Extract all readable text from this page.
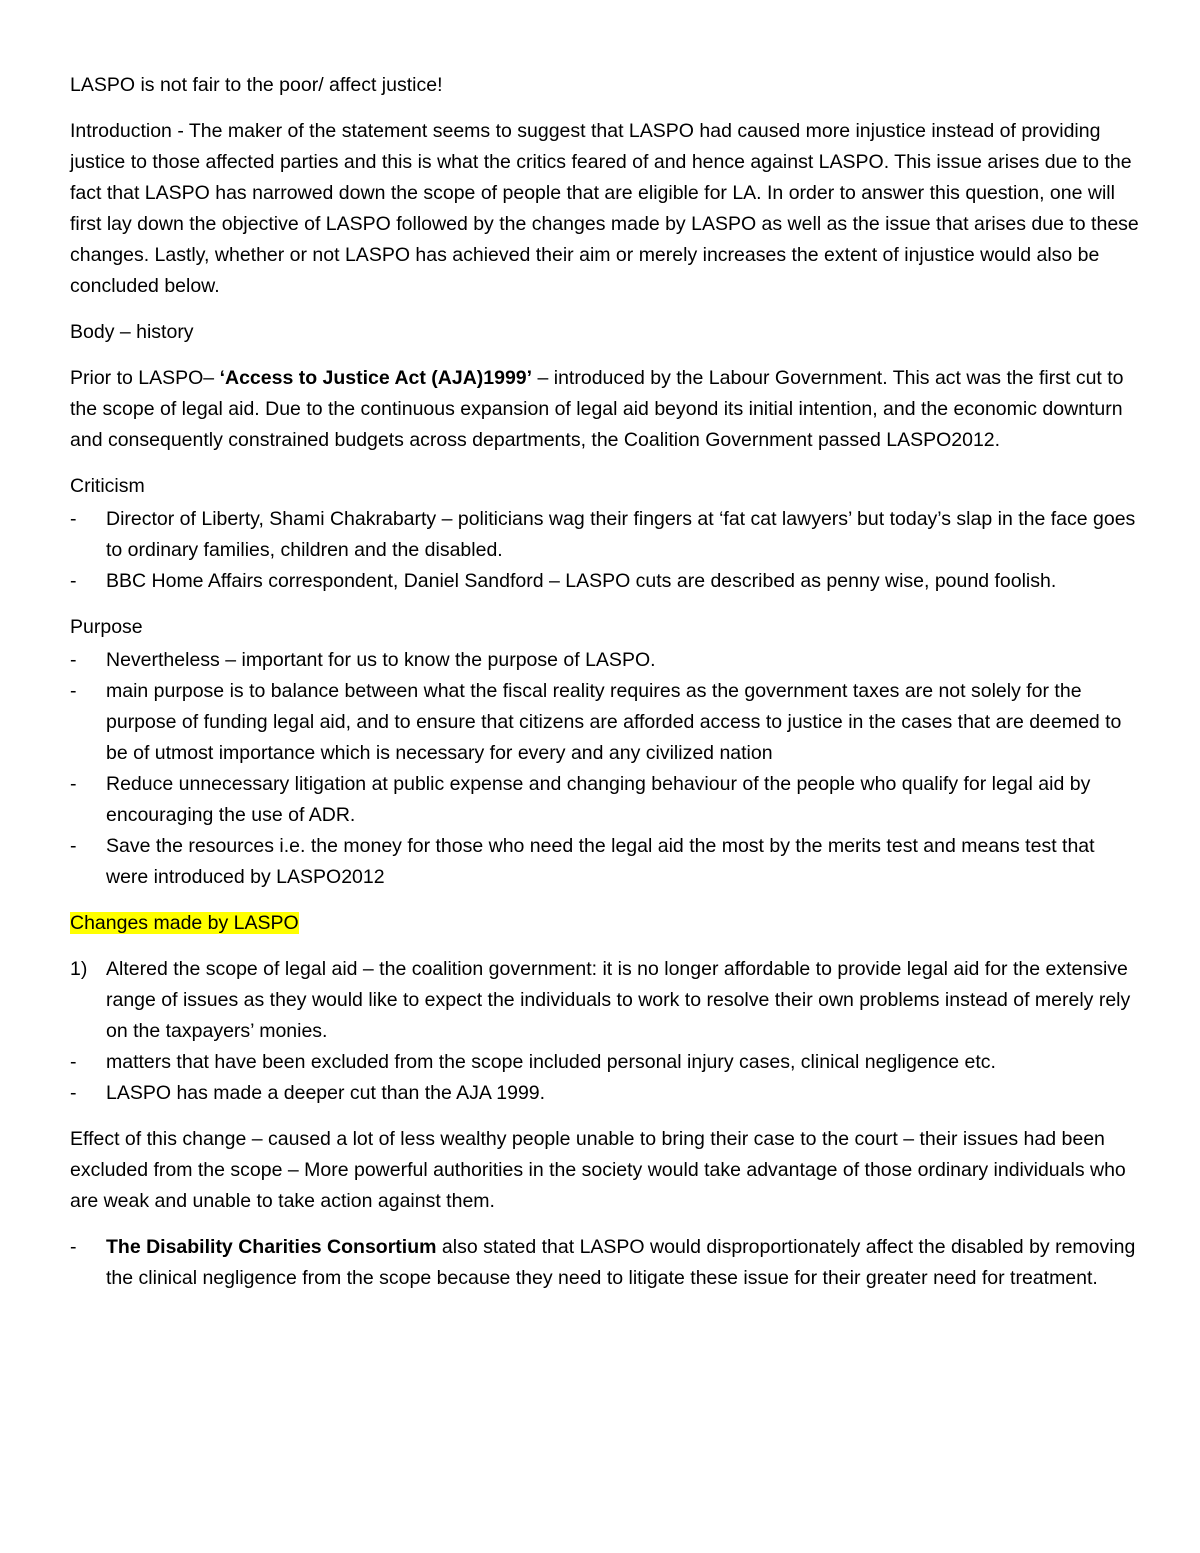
LASPO is not fair to the poor/ affect justice!

Introduction - The maker of the statement seems to suggest that LASPO had caused more injustice instead of providing justice to those affected parties and this is what the critics feared of and hence against LASPO. This issue arises due to the fact that LASPO has narrowed down the scope of people that are eligible for LA. In order to answer this question, one will first lay down the objective of LASPO followed by the changes made by LASPO as well as the issue that arises due to these changes. Lastly, whether or not LASPO has achieved their aim or merely increases the extent of injustice would also be concluded below.

Body – history

Prior to LASPO– ‘Access to Justice Act (AJA)1999’ – introduced by the Labour Government. This act was the first cut to the scope of legal aid. Due to the continuous expansion of legal aid beyond its initial intention, and the economic downturn and consequently constrained budgets across departments, the Coalition Government passed LASPO2012.

Criticism

-	Director of Liberty, Shami Chakrabarty – politicians wag their fingers at ‘fat cat lawyers’ but today’s slap in the face goes to ordinary families, children and the disabled.
-	BBC Home Affairs correspondent, Daniel Sandford – LASPO cuts are described as penny wise, pound foolish.

Purpose

-	Nevertheless – important for us to know the purpose of LASPO.
-	main purpose is to balance between what the fiscal reality requires as the government taxes are not solely for the purpose of funding legal aid, and to ensure that citizens are afforded access to justice in the cases that are deemed to be of utmost importance which is necessary for every and any civilized nation
-	Reduce unnecessary litigation at public expense and changing behaviour of the people who qualify for legal aid by encouraging the use of ADR.
-	Save the resources i.e. the money for those who need the legal aid the most by the merits test and means test that were introduced by LASPO2012

Changes made by LASPO

1) Altered the scope of legal aid – the coalition government: it is no longer affordable to provide legal aid for the extensive range of issues as they would like to expect the individuals to work to resolve their own problems instead of merely rely on the taxpayers’ monies.
-	matters that have been excluded from the scope included personal injury cases, clinical negligence etc.
-	LASPO has made a deeper cut than the AJA 1999.

Effect of this change – caused a lot of less wealthy people unable to bring their case to the court – their issues had been excluded from the scope – More powerful authorities in the society would take advantage of those ordinary individuals who are weak and unable to take action against them.

-	The Disability Charities Consortium also stated that LASPO would disproportionately affect the disabled by removing the clinical negligence from the scope because they need to litigate these issue for their greater need for treatment.
